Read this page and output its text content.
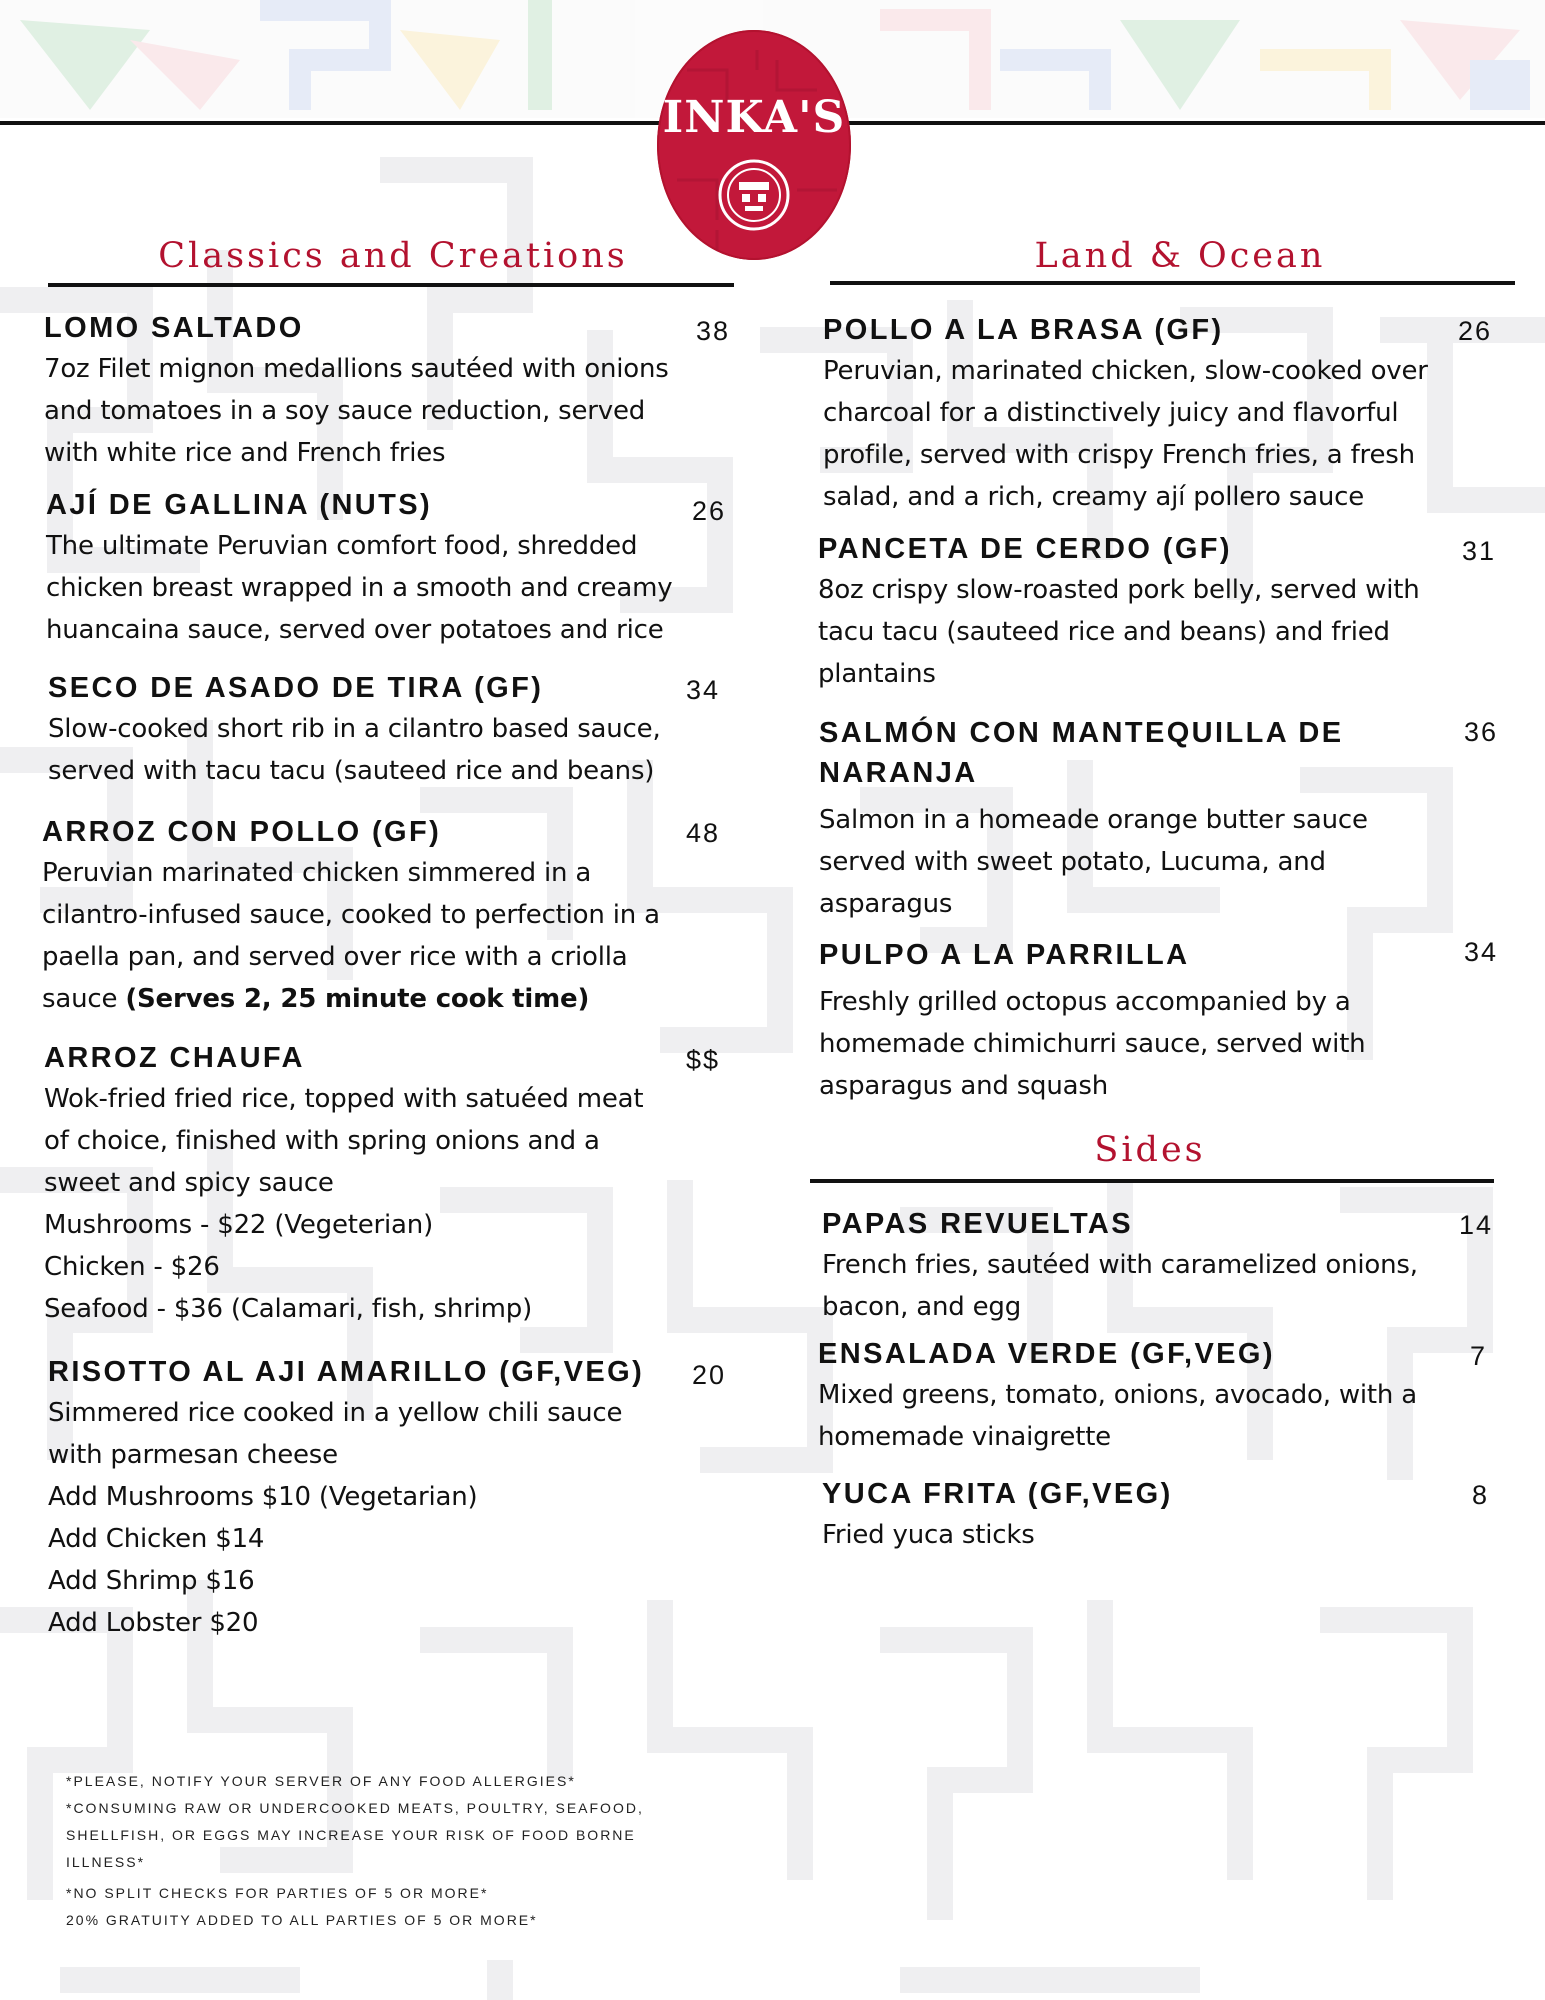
INKA'S
Classics and Creations	Land & Ocean
Sides
LOMO SALTADO
7oz Filet mignon medallions sautéed with onions
and tomatoes in a soy sauce reduction, served
with white rice and French fries
38
AJÍ DE GALLINA (NUTS)
The ultimate Peruvian comfort food, shredded
chicken breast wrapped in a smooth and creamy
huancaina sauce, served over potatoes and rice
26
SECO DE ASADO DE TIRA (GF)
Slow-cooked short rib in a cilantro based sauce,
served with tacu tacu (sauteed rice and beans)
34
ARROZ CON POLLO (GF)
Peruvian marinated chicken simmered in a
cilantro-infused sauce, cooked to perfection in a
paella pan, and served over rice with a criolla
sauce (Serves 2, 25 minute cook time)
48
ARROZ CHAUFA
Wok-fried fried rice, topped with satuéed meat
of choice, finished with spring onions and a
sweet and spicy sauce
Mushrooms - $22 (Vegeterian)
Chicken - $26
Seafood - $36 (Calamari, fish, shrimp)
$$
RISOTTO AL AJI AMARILLO (GF,VEG)
Simmered rice cooked in a yellow chili sauce
with parmesan cheese
Add Mushrooms $10 (Vegetarian)
Add Chicken $14
Add Shrimp $16
Add Lobster $20
20
POLLO A LA BRASA (GF)
Peruvian, marinated chicken, slow-cooked over
charcoal for a distinctively juicy and flavorful
profile, served with crispy French fries, a fresh
salad, and a rich, creamy ají pollero sauce
26
PANCETA DE CERDO (GF)
8oz crispy slow-roasted pork belly, served with
tacu tacu (sauteed rice and beans) and fried
plantains
31
SALMÓN CON MANTEQUILLA DE
NARANJA
Salmon in a homeade orange butter sauce
served with sweet potato, Lucuma, and
asparagus
36
PULPO A LA PARRILLA
Freshly grilled octopus accompanied by a
homemade chimichurri sauce, served with
asparagus and squash
34
PAPAS REVUELTAS
French fries, sautéed with caramelized onions,
bacon, and egg
14
ENSALADA VERDE (GF,VEG)
Mixed greens, tomato, onions, avocado, with a
homemade vinaigrette
7
YUCA FRITA (GF,VEG)
Fried yuca sticks
8
*PLEASE, NOTIFY YOUR SERVER OF ANY FOOD ALLERGIES*
*CONSUMING RAW OR UNDERCOOKED MEATS, POULTRY, SEAFOOD,
SHELLFISH, OR EGGS MAY INCREASE YOUR RISK OF FOOD BORNE
ILLNESS*
*NO SPLIT CHECKS FOR PARTIES OF 5 OR MORE*
20% GRATUITY ADDED TO ALL PARTIES OF 5 OR MORE*
